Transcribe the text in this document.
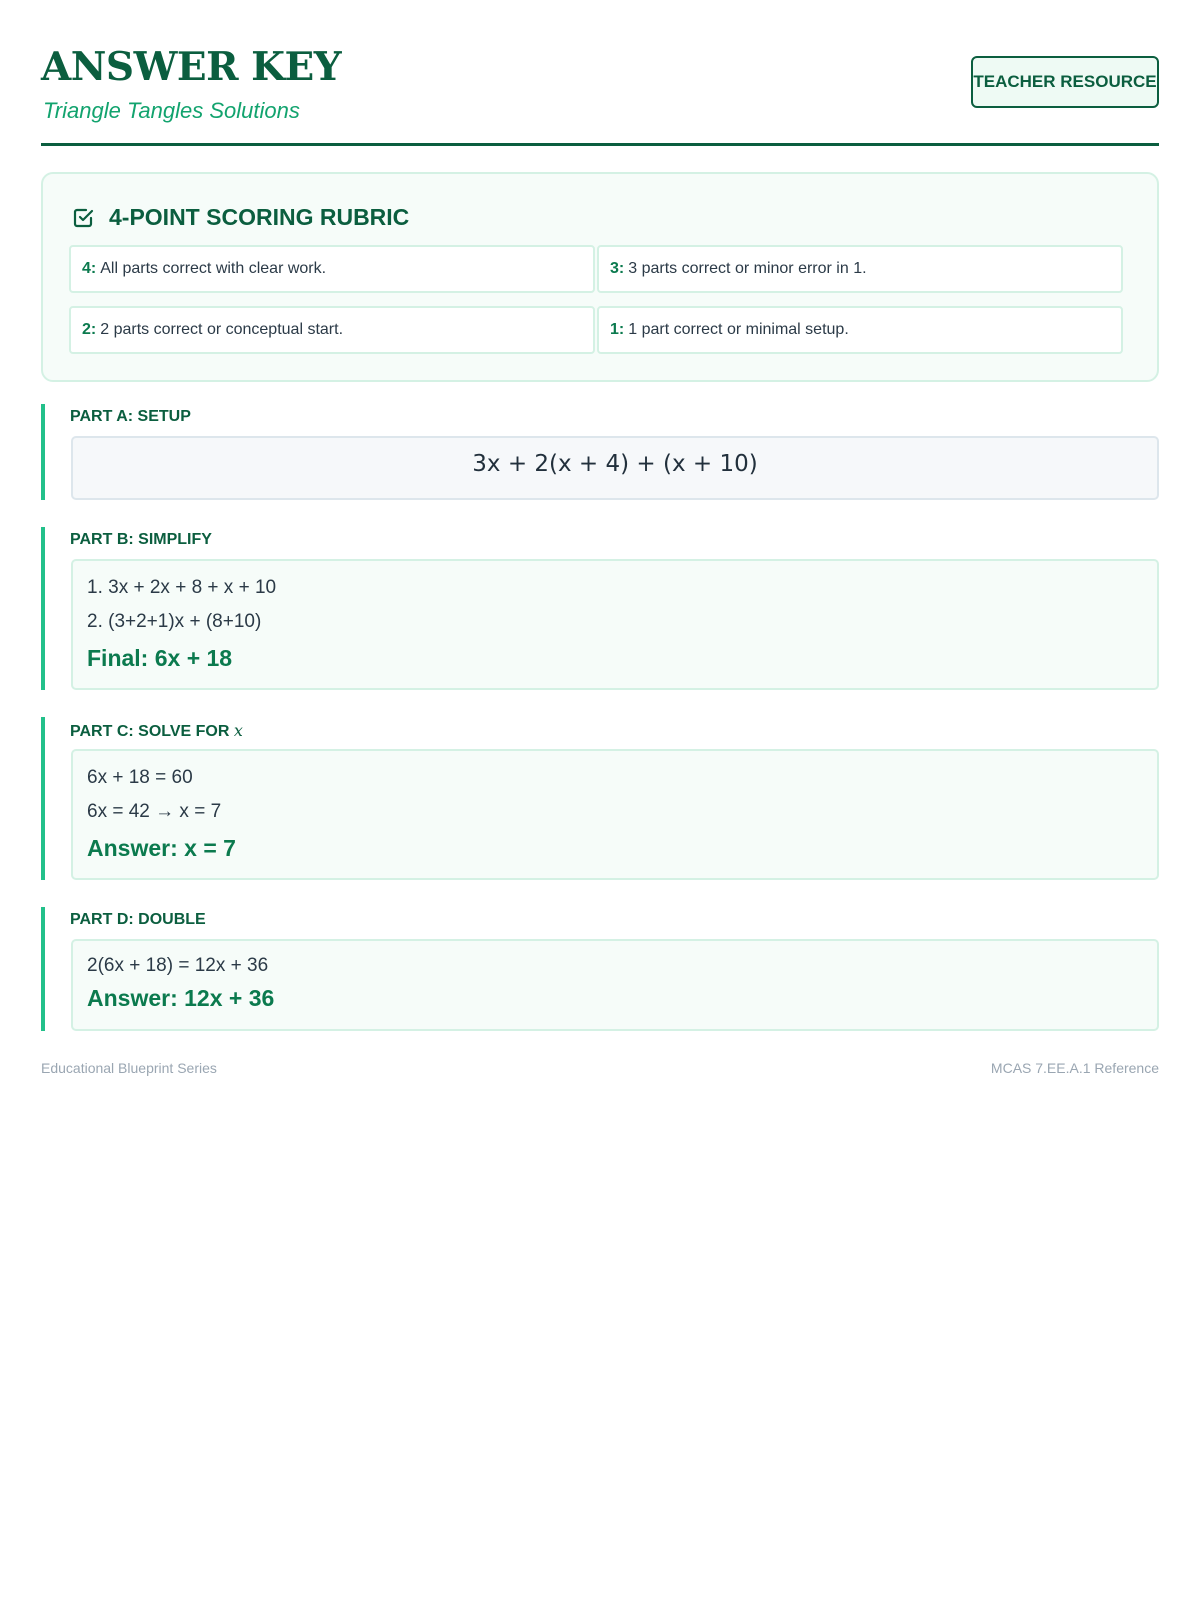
ANSWER KEY
Triangle Tangles Solutions
TEACHER RESOURCE
4-POINT SCORING RUBRIC
4: All parts correct with clear work.	3: 3 parts correct or minor error in 1.
2: 2 parts correct or conceptual start.	1: 1 part correct or minimal setup.
PART A: SETUP
3x + 2(x + 4) + (x + 10)
PART B: SIMPLIFY
1. 3x + 2x + 8 + x + 10
2. (3+2+1)x + (8+10)
Final: 6x + 18
PART C: SOLVE FOR x
6x + 18 = 60
6x = 42 → x = 7
Answer: x = 7
PART D: DOUBLE
2(6x + 18) = 12x + 36
Answer: 12x + 36
Educational Blueprint Series	MCAS 7.EE.A.1 Reference
